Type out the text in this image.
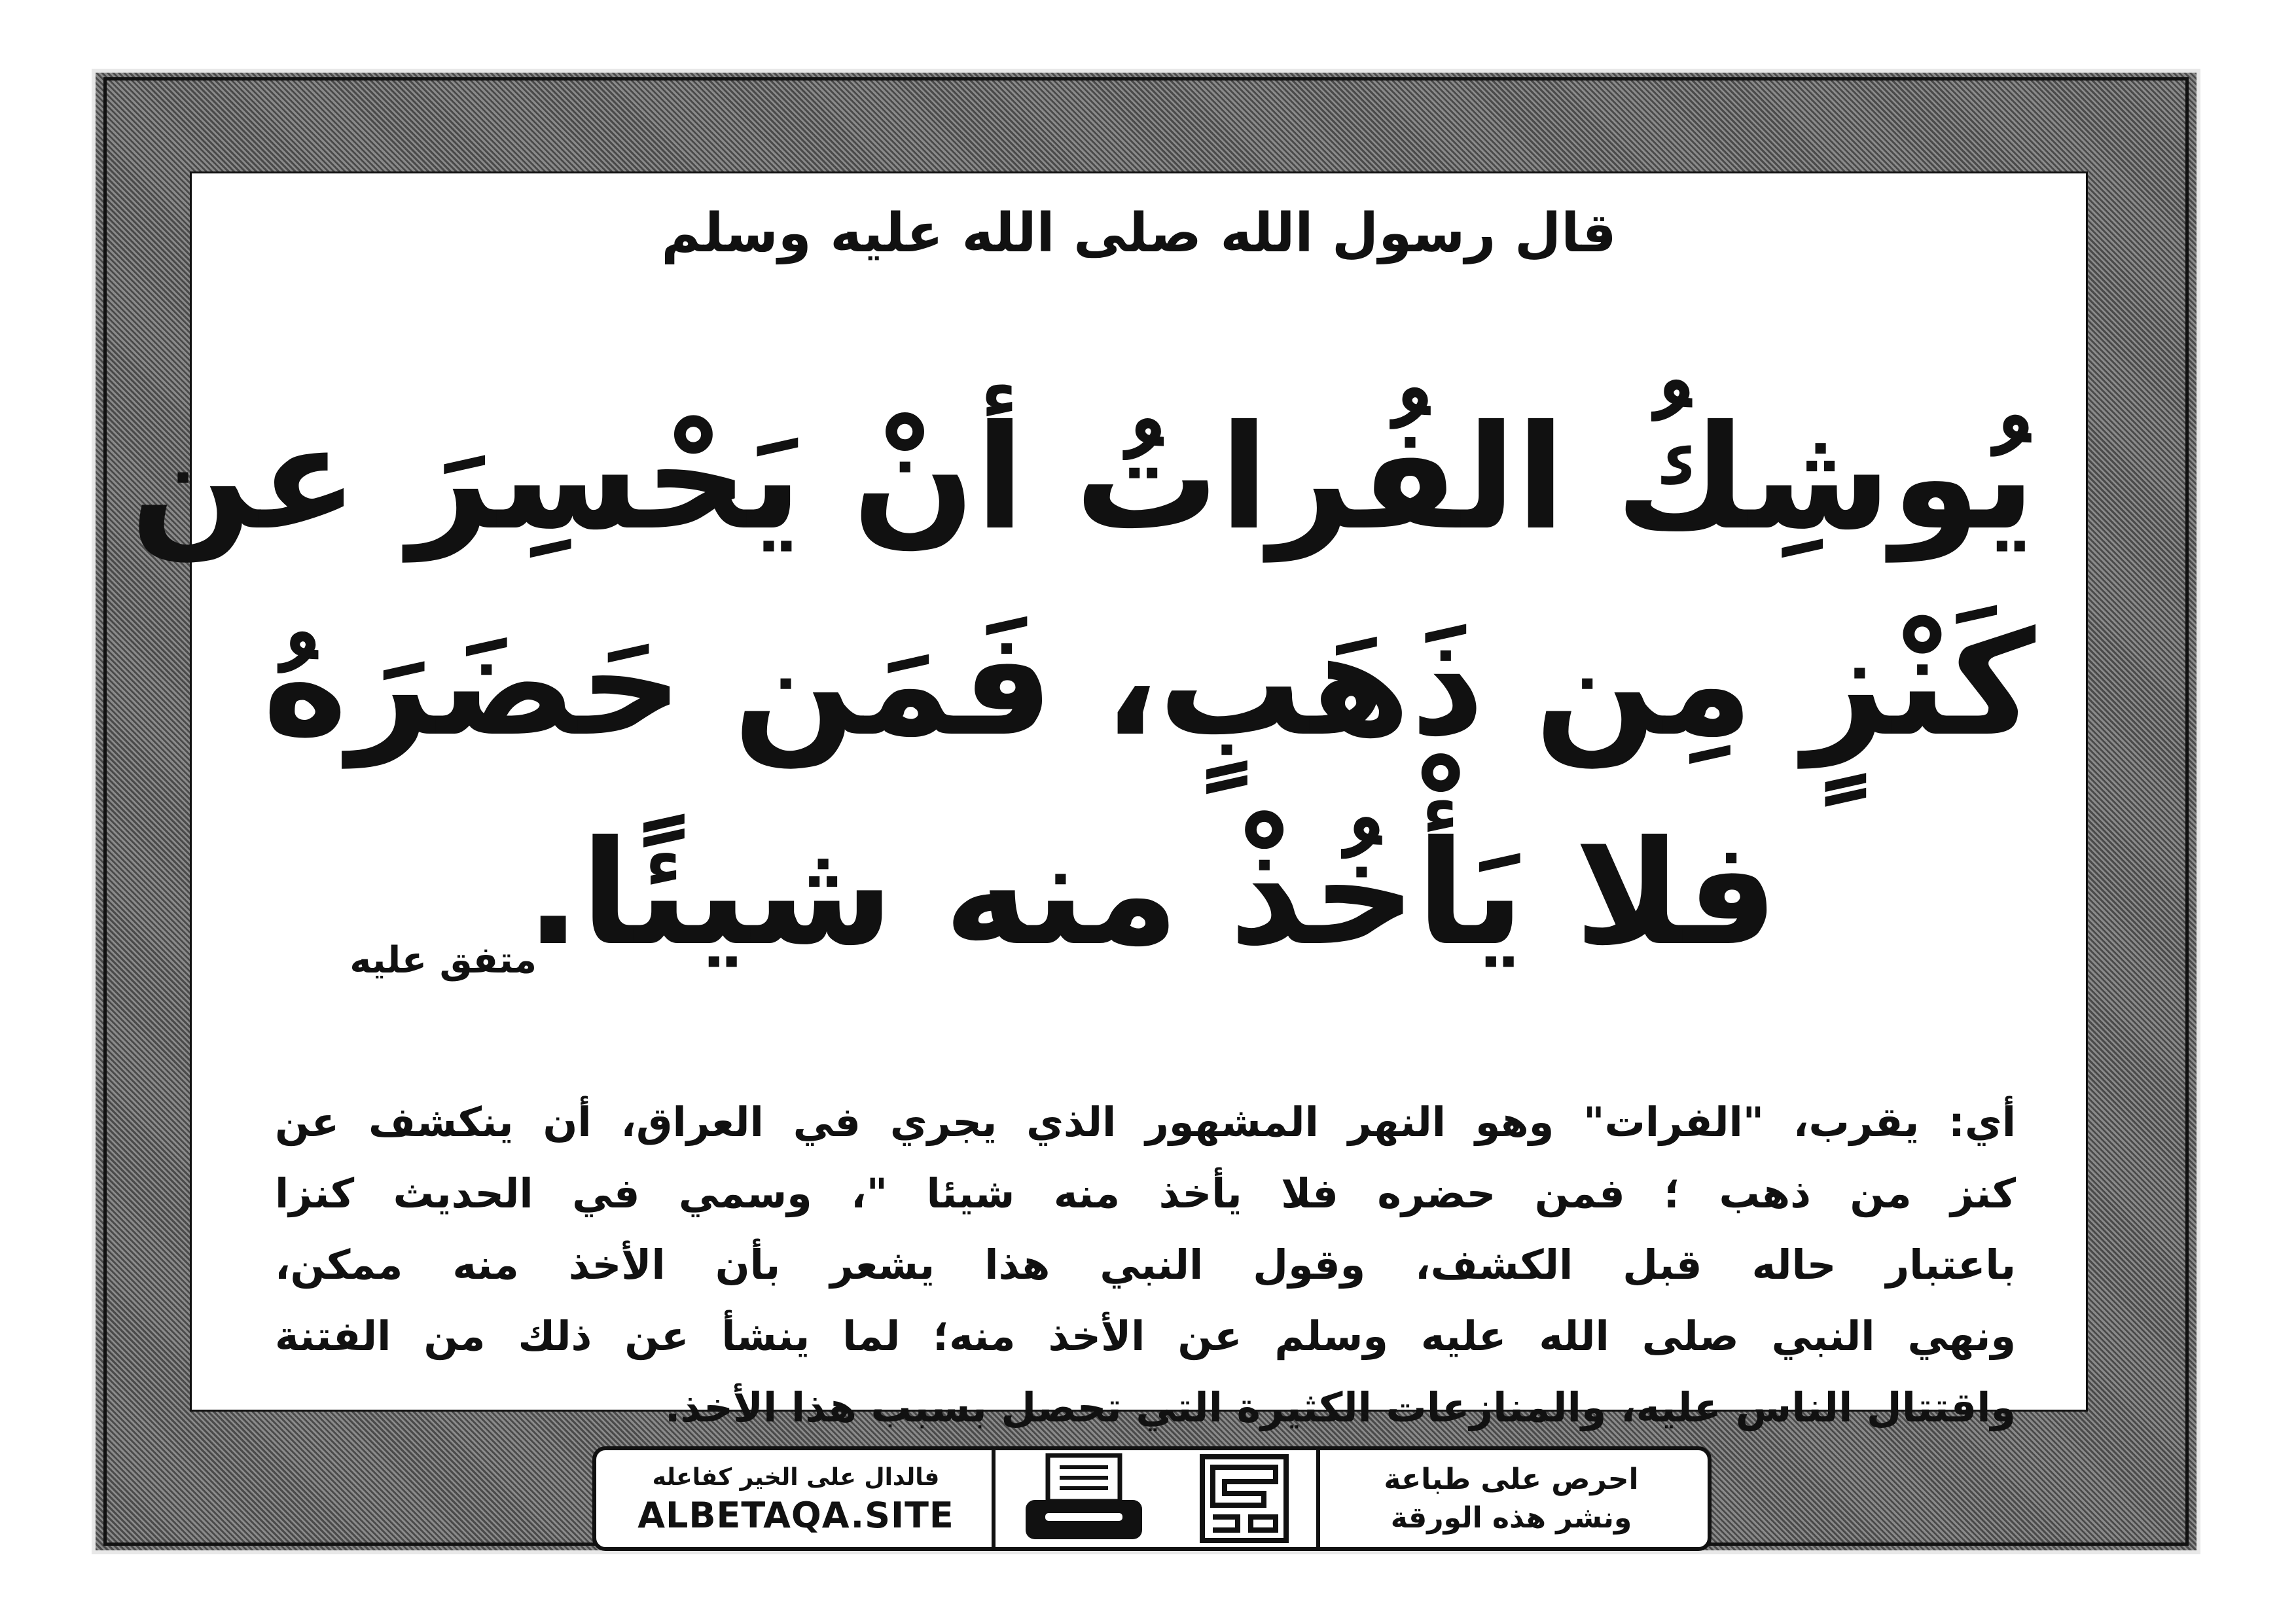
قال رسول الله صلى الله عليه وسلم
يُوشِكُ الفُراتُ أنْ يَحْسِرَ عن
كَنْزٍ مِن ذَهَبٍ، فَمَن حَضَرَهُ
فلا يَأْخُذْ منه شيئًا.
متفق عليه
أي: يقرب، "الفرات" وهو النهر المشهور الذي يجري في العراق، أن ينكشف عن
كنز من ذهب ؛ فمن حضره فلا يأخذ منه شيئا "، وسمي في الحديث كنزا
باعتبار حاله قبل الكشف، وقول النبي هذا يشعر بأن الأخذ منه ممكن،
ونهي النبي صلى الله عليه وسلم عن الأخذ منه؛ لما ينشأ عن ذلك من الفتنة
واقتتال الناس عليه، والمنازعات الكثيرة التي تحصل بسبب هذا الأخذ.
احرص على طباعة
ونشر هذه الورقة
فالدال على الخير كفاعله
ALBETAQA.SITE
